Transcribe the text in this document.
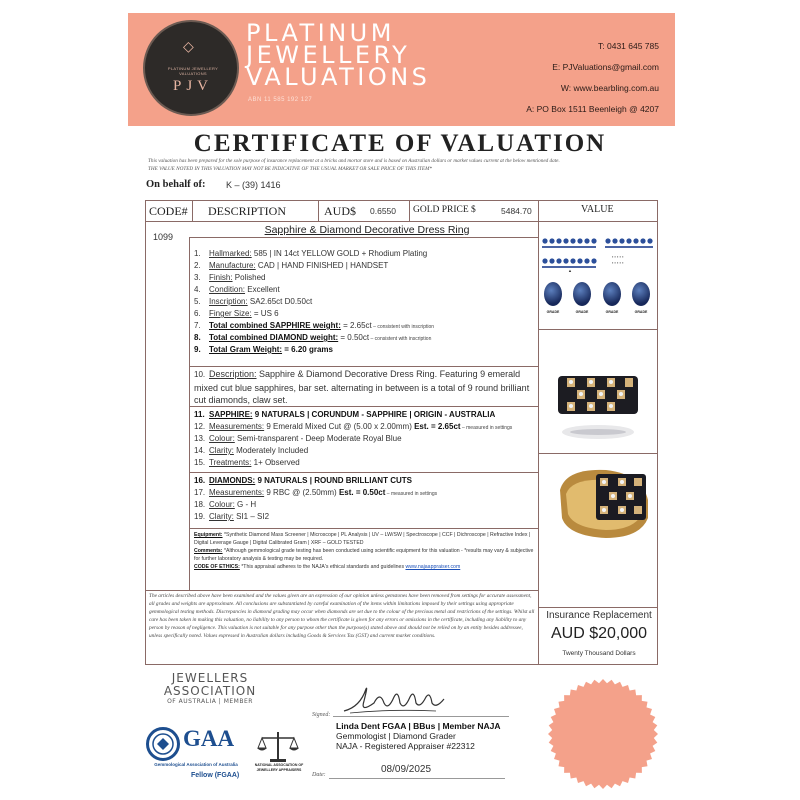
◇
PLATINUM JEWELLERY VALUATIONS
PJV
PLATINUM
JEWELLERY
VALUATIONS
ABN 11 585 192 127
T: 0431 645 785
E: PJValuations@gmail.com
W: www.bearbling.com.au
A: PO Box 1511 Beenleigh @ 4207
CERTIFICATE OF VALUATION
This valuation has been prepared for the sole purpose of insurance replacement at a bricks and mortar store and is based on Australian dollars or market values current at the below mentioned date.
THE VALUE NOTED IN THIS VALUATION MAY NOT BE INDICATIVE OF THE USUAL MARKET OR SALE PRICE OF THIS ITEM*
On behalf of: K – (39) 1416
CODE# DESCRIPTION	AUD$ 0.6550 GOLD PRICE $	5484.70	VALUE
1099
Sapphire & Diamond Decorative Dress Ring
1. Hallmarked: 585 | IN 14ct YELLOW GOLD + Rhodium Plating
2. Manufacture: CAD | HAND FINISHED | HANDSET
3. Finish: Polished
4. Condition: Excellent
5. Inscription: SA2.65ct D0.50ct
6. Finger Size: = US 6
7. Total combined SAPPHIRE weight: = 2.65ct – consistent with inscription
8. Total combined DIAMOND weight: = 0.50ct – consistent with inscription
9. Total Gram Weight: = 6.20 grams
10. Description: Sapphire & Diamond Decorative Dress Ring. Featuring 9 emerald mixed cut blue sapphires, bar set. alternating in between is a total of 9 round brilliant cut diamonds, claw set.
11. SAPPHIRE: 9 NATURALS | CORUNDUM - SAPPHIRE | ORIGIN - AUSTRALIA
12. Measurements: 9 Emerald Mixed Cut @ (5.00 x 2.00mm) Est. = 2.65ct – measured in settings
13. Colour: Semi-transparent - Deep Moderate Royal Blue
14. Clarity: Moderately Included
15. Treatments: 1+ Observed
16. DIAMONDS: 9 NATURALS | ROUND BRILLIANT CUTS
17. Measurements: 9 RBC @ (2.50mm) Est. = 0.50ct – measured in settings
18. Colour: G - H
19. Clarity: SI1 – SI2
Equipment: *Synthetic Diamond Mass Screener | Microscope | PL Analysis | UV – LW/SW | Spectroscope | CCF | Dichroscope | Refractive Index | Digital Leverage Gauge | Digital Calibrated Gram | XRF – GOLD TESTED
Comments: *Although gemmological grade testing has been conducted using scientific equipment for this valuation - *results may vary & subjective for further laboratory analysis & testing may be required.
CODE OF ETHICS: *This appraisal adheres to the NAJA's ethical standards and guidelines www.najaappraiser.com
The articles described above have been examined and the values given are an expression of our opinion unless gemstones have been removed from settings for accurate assessment, all grades and weights are approximate. All conclusions are substantiated by careful examination of the items within limitations imposed by their settings using appropriate gemmological testing methods. Discrepancies in diamond grading may occur when diamonds are set due to the colour of the precious metal and restrictions of the settings. Whilst all care has been taken in making this valuation, no liability to any person to whom the certificate is given for any errors or omissions in the certificate, including any liability to any person by reason of negligence. This valuation is not suitable for any purpose other than the purpose(s) stated above and should not be relied on by an entity besides addressee, unless specifically noted. Values expressed in Australian dollars including Goods & Services Tax (GST) and current market conditions.
Insurance Replacement
AUD $20,000
Twenty Thousand Dollars
▲
▪ ▪ ▪ ▪ ▪
▪ ▪ ▪ ▪ ▪
GRADE	GRADE	GRADE	GRADE
JEWELLERS
ASSOCIATION
OF AUSTRALIA | MEMBER
GAA
Gemmological Association of Australia
Fellow (FGAA)
NATIONAL ASSOCIATION OF JEWELLERY APPRAISERS
Signed:
Linda Dent FGAA | BBus | Member NAJA
Gemmologist | Diamond Grader
NAJA - Registered Appraiser #22312
Date:	08/09/2025
